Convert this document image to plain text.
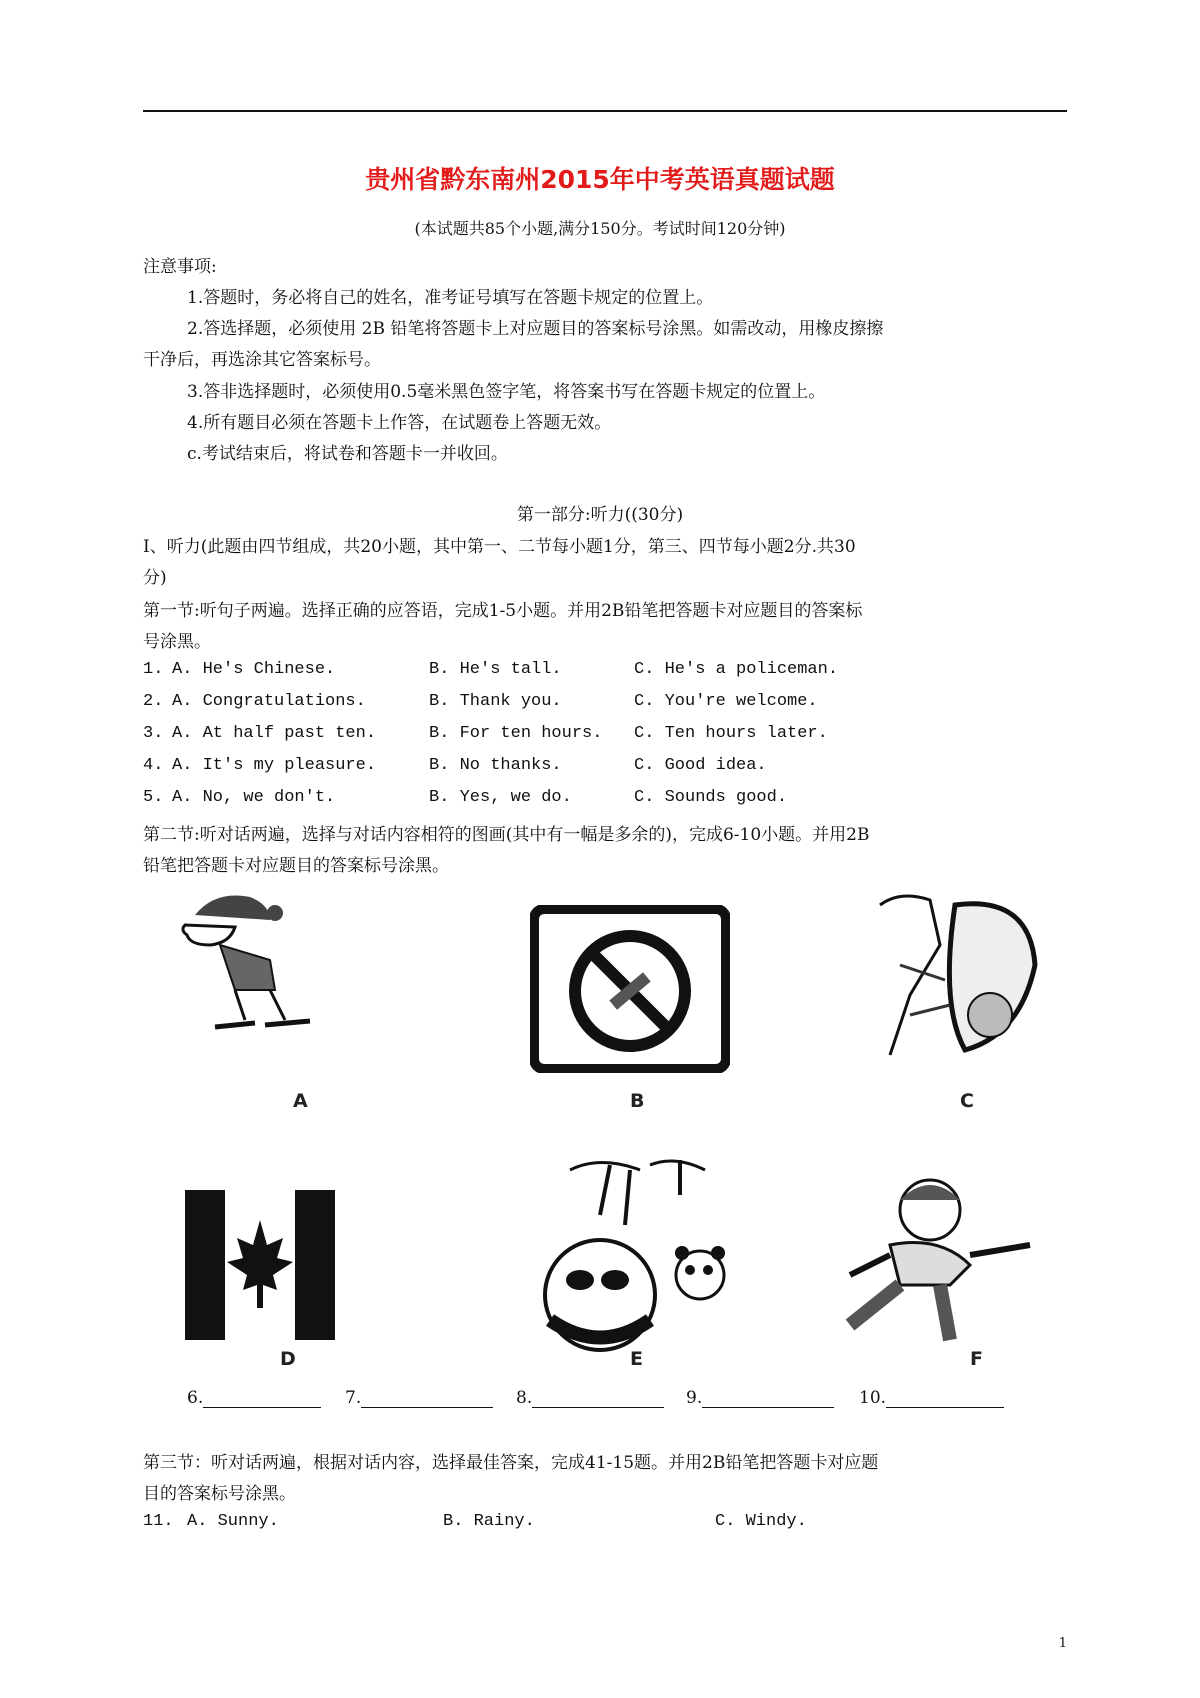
贵州省黔东南州2015年中考英语真题试题
(本试题共85个小题,满分150分。考试时间120分钟)
注意事项:
1.答题时，务必将自己的姓名，准考证号填写在答题卡规定的位置上。
2.答选择题，必须使用 2B 铅笔将答题卡上对应题目的答案标号涂黑。如需改动，用橡皮擦擦
干净后，再选涂其它答案标号。
3.答非选择题时，必须使用0.5毫米黑色签字笔，将答案书写在答题卡规定的位置上。
4.所有题目必须在答题卡上作答，在试题卷上答题无效。
c.考试结束后，将试卷和答题卡一并收回。
第一部分:听力((30分)
I、听力(此题由四节组成，共20小题，其中第一、二节每小题1分，第三、四节每小题2分.共30
分)
第一节:听句子两遍。选择正确的应答语，完成1-5小题。并用2B铅笔把答题卡对应题目的答案标
号涂黑。
1. A. He's Chinese.	B. He's tall.	C. He's a policeman.
2. A. Congratulations.	B. Thank you.	C. You're welcome.
3. A. At half past ten.	B. For ten hours. C. Ten hours later.
4. A. It's my pleasure.	B. No thanks.	C. Good idea.
5. A. No, we don't.	B. Yes, we do.	C. Sounds good.
第二节:听对话两遍，选择与对话内容相符的图画(其中有一幅是多余的)，完成6-10小题。并用2B
铅笔把答题卡对应题目的答案标号涂黑。
A	B	C
D	E	F
6.	7.	8.	9.	10.
第三节：听对话两遍，根据对话内容，选择最佳答案，完成41-15题。并用2B铅笔把答题卡对应题
目的答案标号涂黑。
11. A. Sunny.	B. Rainy.	C. Windy.
1
